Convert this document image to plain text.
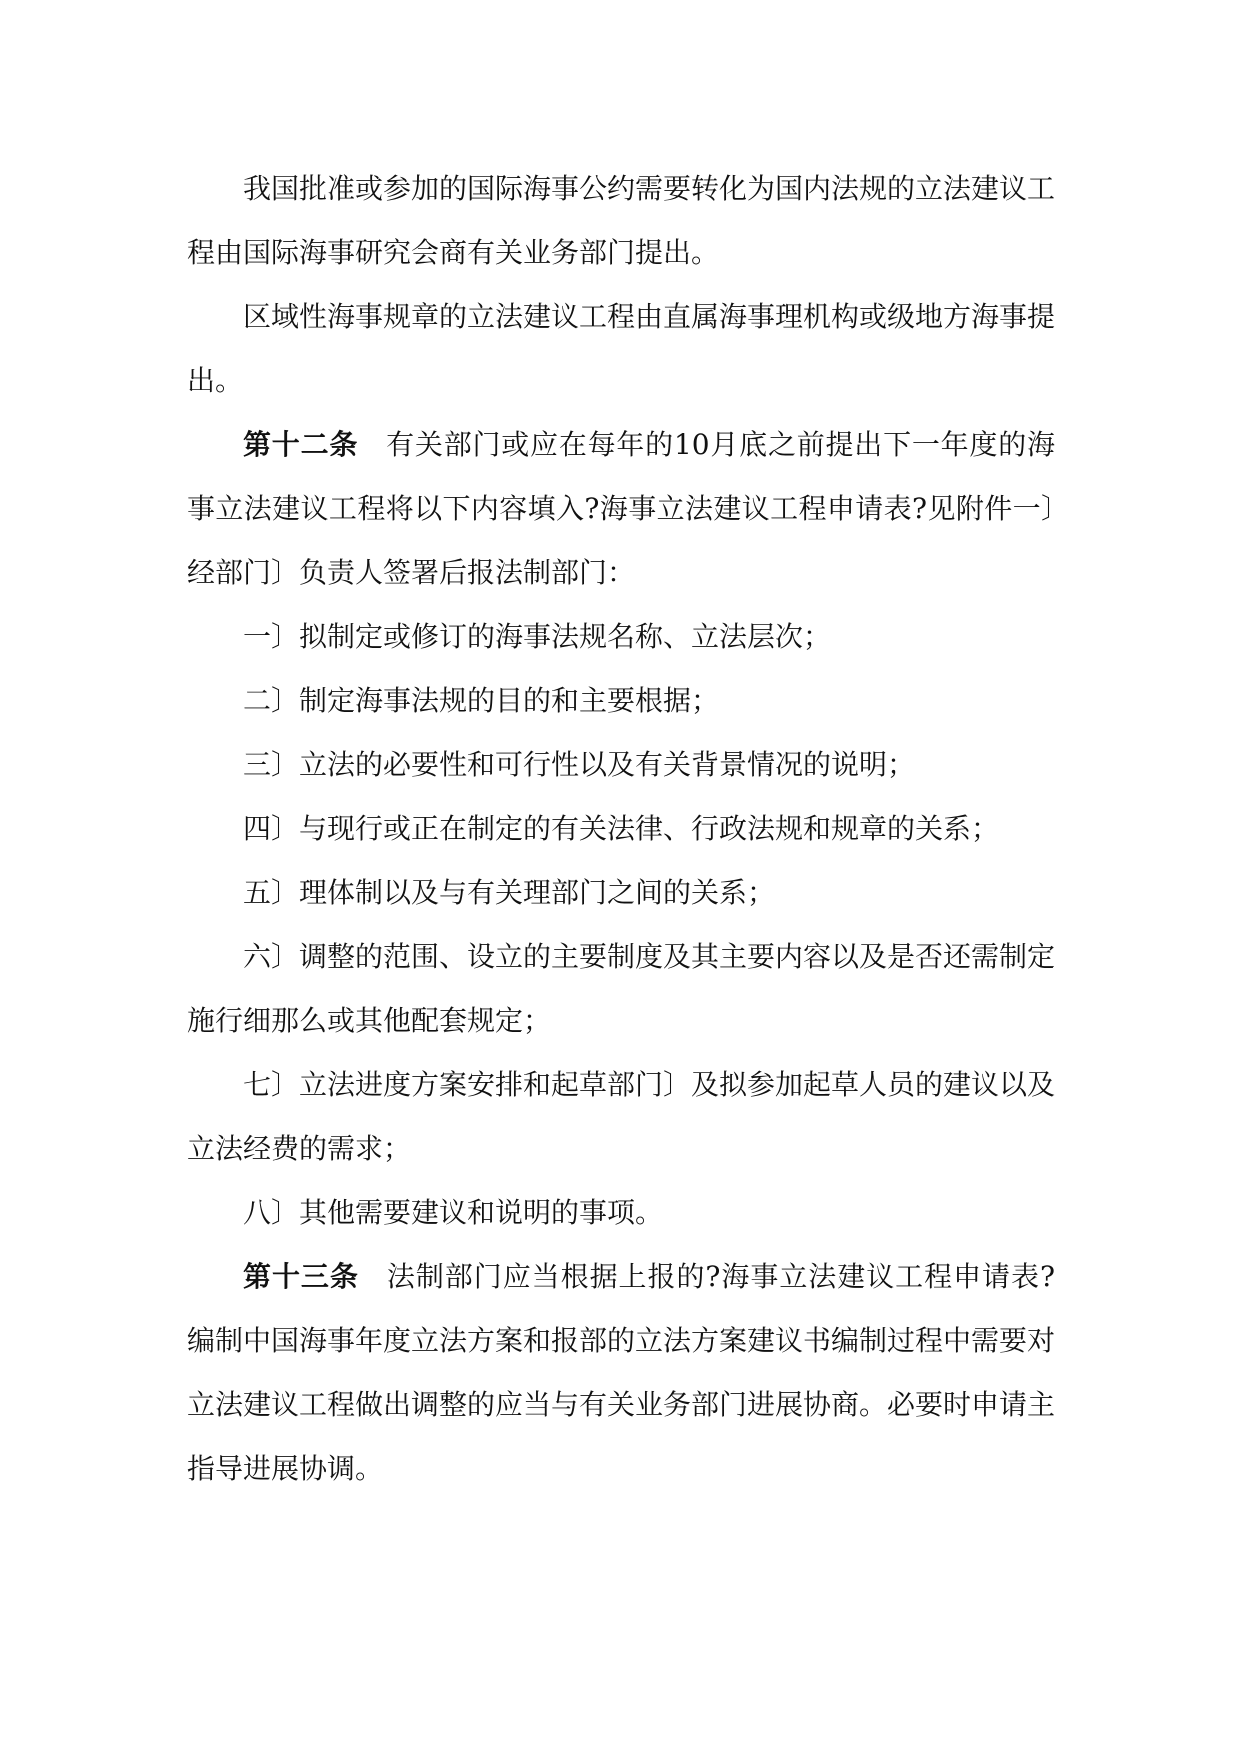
我国批准或参加的国际海事公约需要转化为国内法规的立法建议工程由国际海事研究会商有关业务部门提出。

区域性海事规章的立法建议工程由直属海事理机构或级地方海事提出。

第十二条 有关部门或应在每年的10月底之前提出下一年度的海事立法建议工程将以下内容填入?海事立法建议工程申请表?见附件一〕经部门〕负责人签署后报法制部门：

一〕拟制定或修订的海事法规名称、立法层次；

二〕制定海事法规的目的和主要根据；

三〕立法的必要性和可行性以及有关背景情况的说明；

四〕与现行或正在制定的有关法律、行政法规和规章的关系；

五〕理体制以及与有关理部门之间的关系；

六〕调整的范围、设立的主要制度及其主要内容以及是否还需制定施行细那么或其他配套规定；

七〕立法进度方案安排和起草部门〕及拟参加起草人员的建议以及立法经费的需求；

八〕其他需要建议和说明的事项。

第十三条 法制部门应当根据上报的?海事立法建议工程申请表?编制中国海事年度立法方案和报部的立法方案建议书编制过程中需要对立法建议工程做出调整的应当与有关业务部门进展协商。必要时申请主指导进展协调。
